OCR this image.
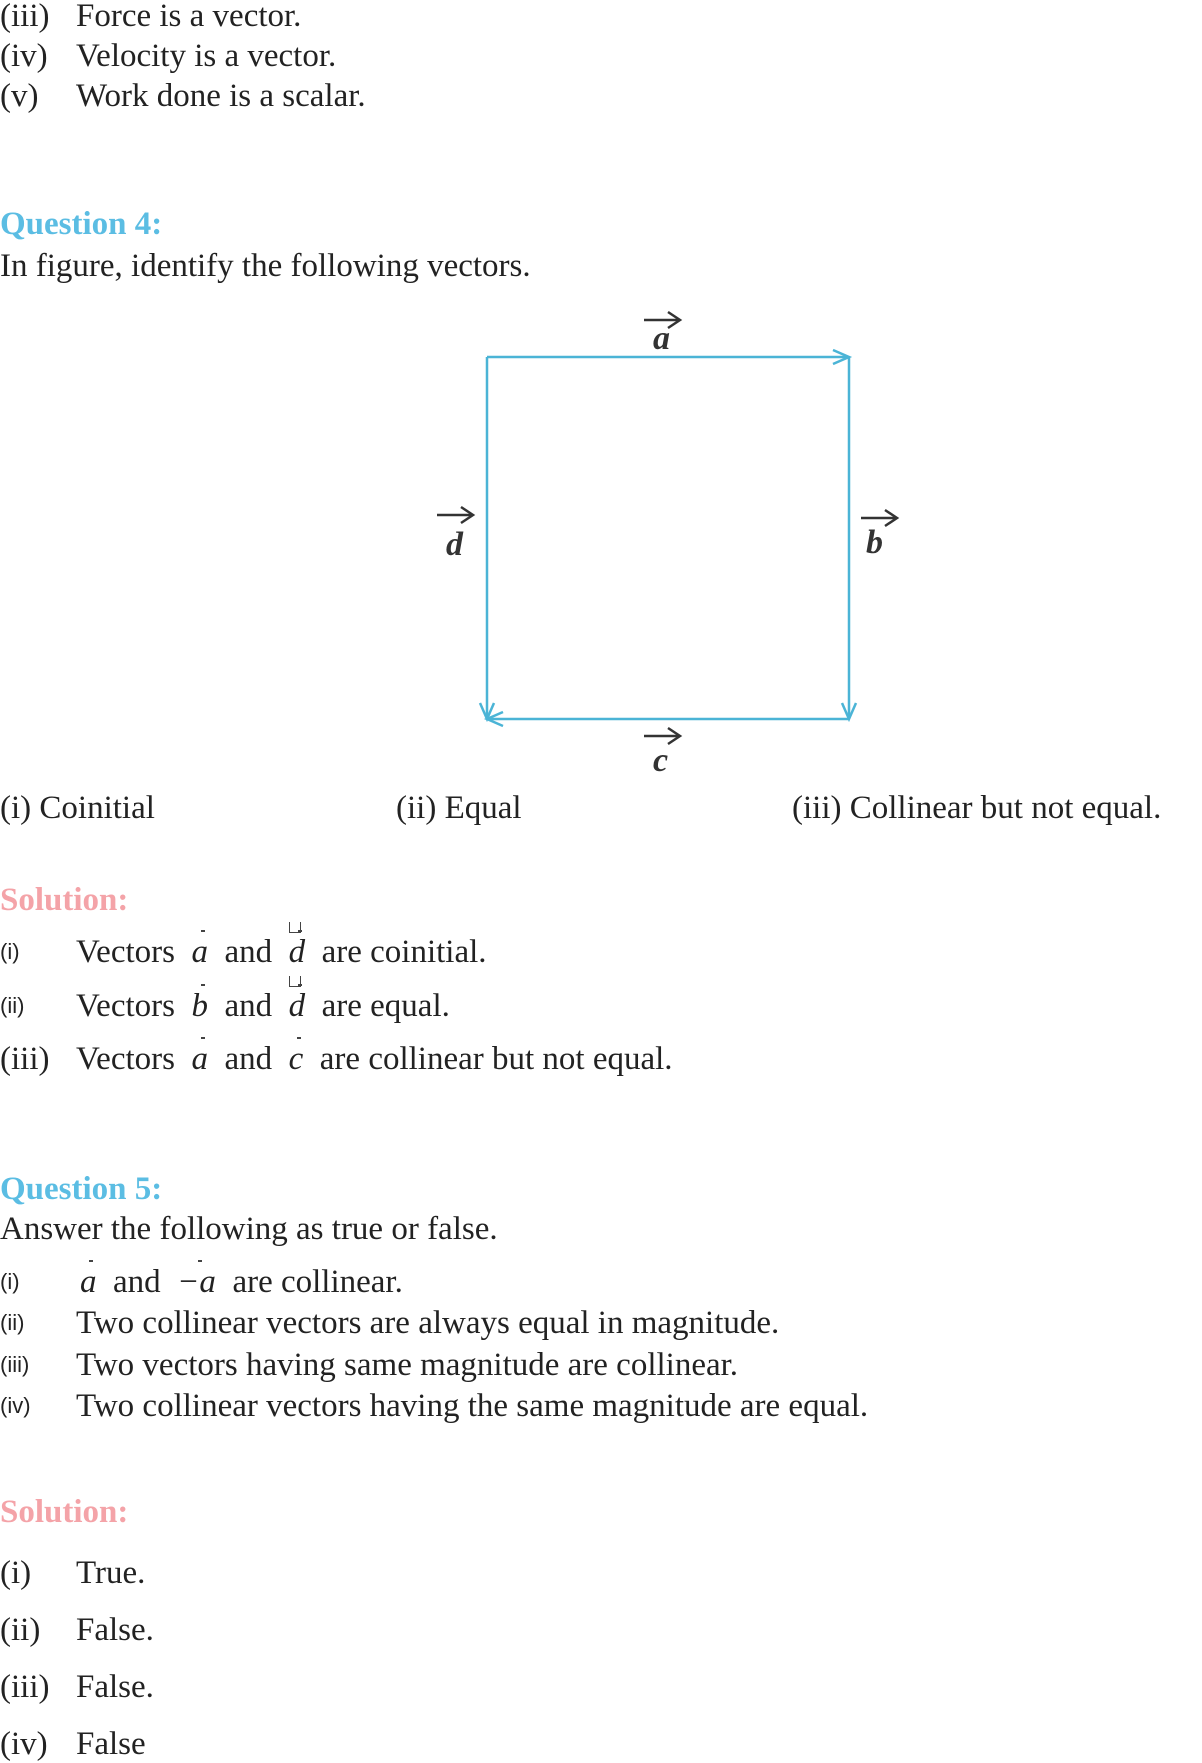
(iii) Force is a vector.
(iv) Velocity is a vector.
(v) Work done is a scalar.
Question 4:
In figure, identify the following vectors.
a
d	b
c
(i) Coinitial	(ii) Equal	(iii) Collinear but not equal.
Solution:
(i) Vectors a and d are coinitial.
(ii) Vectors b and d are equal.
(iii) Vectors a and c are collinear but not equal.
Question 5:
Answer the following as true or false.
(i) a and −a are collinear.
(ii) Two collinear vectors are always equal in magnitude.
(iii) Two vectors having same magnitude are collinear.
(iv) Two collinear vectors having the same magnitude are equal.
Solution:
(i) True.
(ii) False.
(iii) False.
(iv) False
